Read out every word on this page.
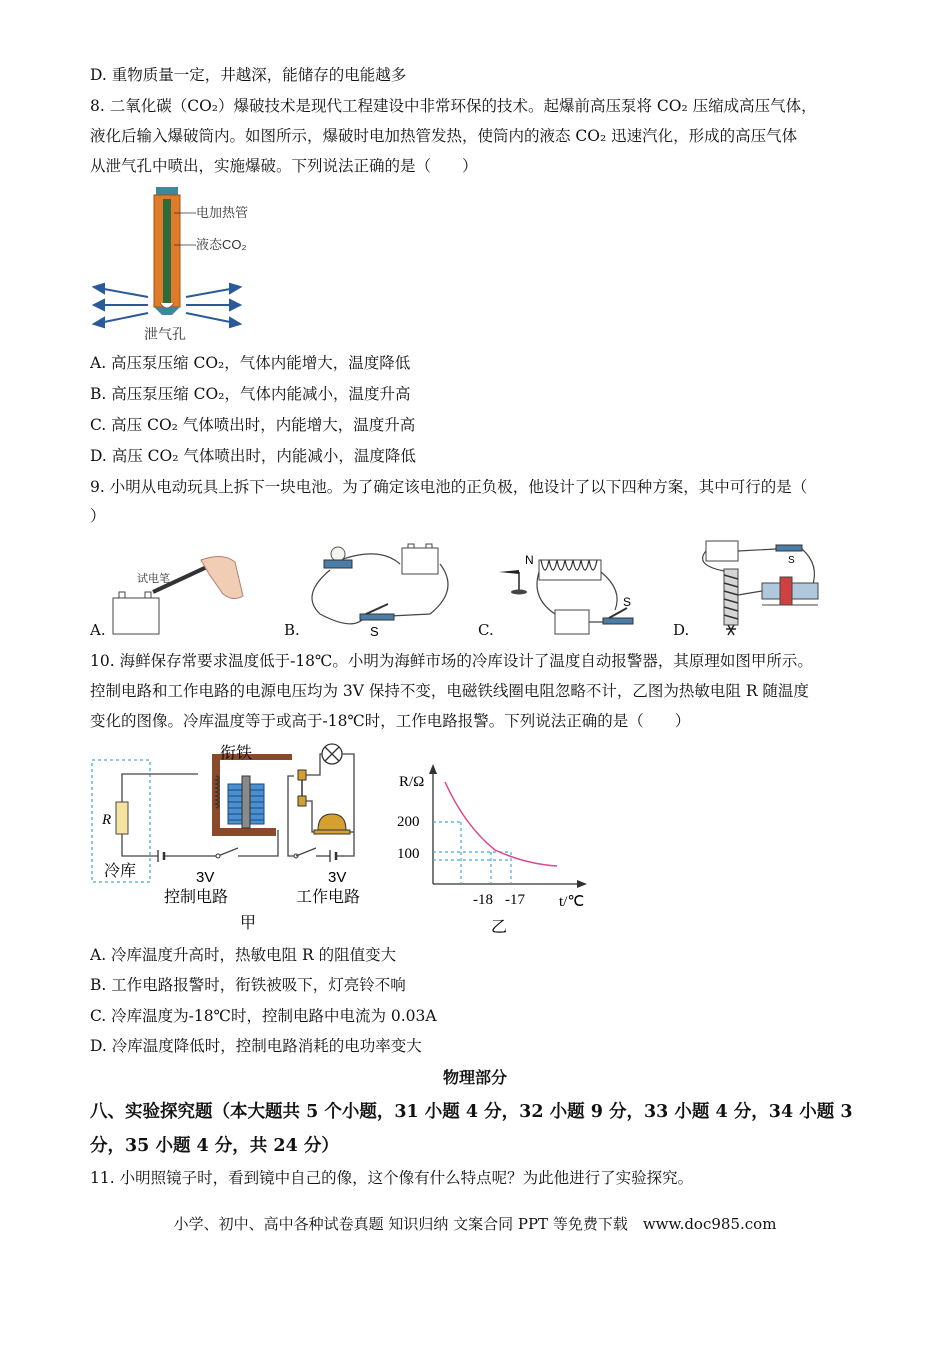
D. 重物质量一定，井越深，能储存的电能越多
8. 二氧化碳（CO₂）爆破技术是现代工程建设中非常环保的技术。起爆前高压泵将 CO₂ 压缩成高压气体，
液化后输入爆破筒内。如图所示，爆破时电加热管发热，使筒内的液态 CO₂ 迅速汽化，形成的高压气体
从泄气孔中喷出，实施爆破。下列说法正确的是（　　）
电加热管
液态CO₂
泄气孔
A. 高压泵压缩 CO₂，气体内能增大，温度降低
B. 高压泵压缩 CO₂，气体内能减小，温度升高
C. 高压 CO₂ 气体喷出时，内能增大，温度升高
D. 高压 CO₂ 气体喷出时，内能减小，温度降低
9. 小明从电动玩具上拆下一块电池。为了确定该电池的正负极，他设计了以下四种方案，其中可行的是（
）
试电笔
A.	S
B.
N
S
C.
S
D.
10. 海鲜保存常要求温度低于-18℃。小明为海鲜市场的冷库设计了温度自动报警器，其原理如图甲所示。
控制电路和工作电路的电源电压均为 3V 保持不变，电磁铁线圈电阻忽略不计，乙图为热敏电阻 R 随温度
变化的图像。冷库温度等于或高于-18℃时，工作电路报警。下列说法正确的是（　　）
R
冷库
衔铁
3V	3V
控制电路	工作电路
甲
R/Ω
t/℃
200
100
-18 -17
乙
A. 冷库温度升高时，热敏电阻 R 的阻值变大
B. 工作电路报警时，衔铁被吸下，灯亮铃不响
C. 冷库温度为-18℃时，控制电路中电流为 0.03A
D. 冷库温度降低时，控制电路消耗的电功率变大
物理部分
八、实验探究题（本大题共 5 个小题，31 小题 4 分，32 小题 9 分，33 小题 4 分，34 小题 3
分，35 小题 4 分，共 24 分）
11. 小明照镜子时，看到镜中自己的像，这个像有什么特点呢？为此他进行了实验探究。
小学、初中、高中各种试卷真题 知识归纳 文案合同 PPT 等免费下载　www.doc985.com
